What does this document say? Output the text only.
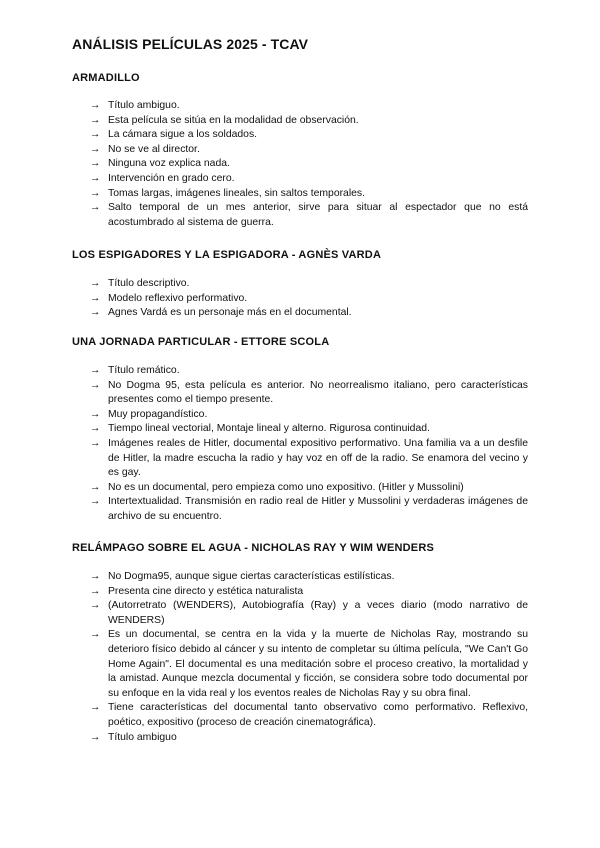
ANÁLISIS PELÍCULAS 2025 - TCAV
ARMADILLO
→ Título ambiguo.
→ Esta película se sitúa en la modalidad de observación.
→ La cámara sigue a los soldados.
→ No se ve al director.
→ Ninguna voz explica nada.
→ Intervención en grado cero.
→ Tomas largas, imágenes lineales, sin saltos temporales.
→ Salto temporal de un mes anterior, sirve para situar al espectador que no está acostumbrado al sistema de guerra.
LOS ESPIGADORES Y LA ESPIGADORA - AGNÈS VARDA
→ Título descriptivo.
→ Modelo reflexivo performativo.
→ Agnes Vardá es un personaje más en el documental.
UNA JORNADA PARTICULAR - ETTORE SCOLA
→ Título remático.
→ No Dogma 95, esta película es anterior. No neorrealismo italiano, pero características presentes como el tiempo presente.
→ Muy propagandístico.
→ Tiempo lineal vectorial, Montaje lineal y alterno. Rigurosa continuidad.
→ Imágenes reales de Hitler, documental expositivo performativo. Una familia va a un desfile de Hitler, la madre escucha la radio y hay voz en off de la radio. Se enamora del vecino y es gay.
→ No es un documental, pero empieza como uno expositivo. (Hitler y Mussolini)
→ Intertextualidad. Transmisión en radio real de Hitler y Mussolini y verdaderas imágenes de archivo de su encuentro.
RELÁMPAGO SOBRE EL AGUA - NICHOLAS RAY Y WIM WENDERS
→ No Dogma95, aunque sigue ciertas características estilísticas.
→ Presenta cine directo y estética naturalista
→ (Autorretrato (WENDERS), Autobiografía (Ray) y a veces diario (modo narrativo de WENDERS)
→ Es un documental, se centra en la vida y la muerte de Nicholas Ray, mostrando su deterioro físico debido al cáncer y su intento de completar su última película, "We Can't Go Home Again". El documental es una meditación sobre el proceso creativo, la mortalidad y la amistad. Aunque mezcla documental y ficción, se considera sobre todo documental por su enfoque en la vida real y los eventos reales de Nicholas Ray y su obra final.
→ Tiene características del documental tanto observativo como performativo. Reflexivo, poético, expositivo (proceso de creación cinematográfica).
→ Título ambiguo
